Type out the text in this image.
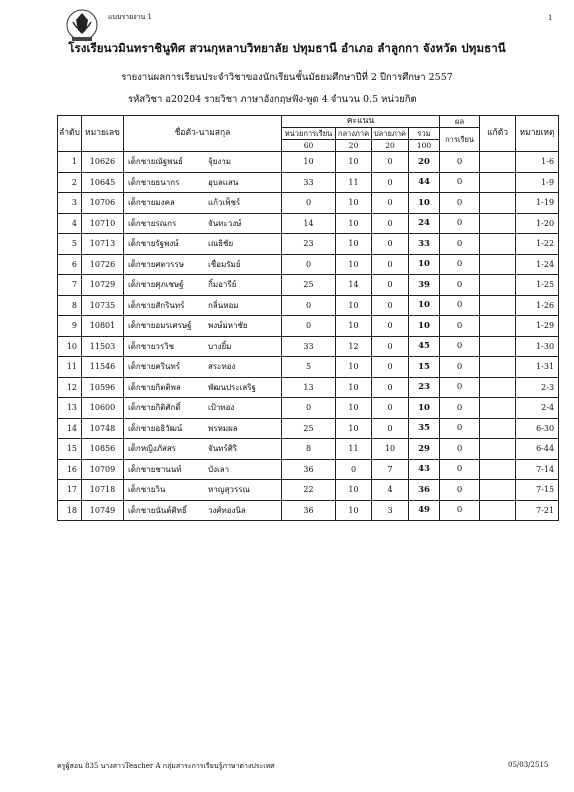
แบบรายงาน 1	1
โรงเรียนวมินทราชินูทิศ สวนกุหลาบวิทยาลัย ปทุมธานี อำเภอ ลำลูกกา จังหวัด ปทุมธานี
รายงานผลการเรียนประจำวิชาของนักเรียนชั้นมัธยมศึกษาปีที่ 2 ปีการศึกษา 2557
รหัสวิชา อ20204 รายวิชา ภาษาอังกฤษฟัง-พูด 4 จำนวน 0.5 หน่วยกิต
ลำดับ	หมายเลข	ชื่อตัว-นามสกุล	คะแนน				ผล	แก้ตัว	หมายเหตุ
			หน่วยการเรียน	กลางภาค	ปลายภาค	รวม	การเรียน		
			60	20	20	100			
1	10626	เด็กชายณัฐพนธ์ จุ้ยงาม	10	10	0	20	0		1-6
2	10645	เด็กชายธนากร อุบลแสน	33	11	0	44	0		1-9
3	10706	เด็กชายมงคล แก้วเพ็ชร์	0	10	0	10	0		1-19
4	10710	เด็กชายรณกร จันทะวงษ์	14	10	0	24	0		1-20
5	10713	เด็กชายรัฐพงษ์ เณธิชัย	23	10	0	33	0		1-22
6	10726	เด็กชายศตวรรษ เชื่อมรัมย์	0	10	0	10	0		1-24
7	10729	เด็กชายศุภเชษฐ์ กิ้มอารีย์	25	14	0	39	0		1-25
8	10735	เด็กชายสักรินทร์ กลิ่นหอม	0	10	0	10	0		1-26
9	10801	เด็กชายอมรเศรษฐ์ พงษ์มหาชัย	0	10	0	10	0		1-29
10	11503	เด็กชายวรวิช บางยิ้ม	33	12	0	45	0		1-30
11	11546	เด็กชายครินทร์ สระทอง	5	10	0	15	0		1-31
12	10596	เด็กชายกิตติพล พัฒนประเสริฐ	13	10	0	23	0		2-3
13	10600	เด็กชายกิติศักดิ์ เป้าทอง	0	10	0	10	0		2-4
14	10748	เด็กชายอธิวัฒน์ พรหมผล	25	10	0	35	0		6-30
15	10856	เด็กหญิงภัสสร จันทร์ศิริ	8	11	10	29	0		6-44
16	10709	เด็กชายชานนท์ บังเลา	36	0	7	43	0		7-14
17	10718	เด็กชายวิน หาญสุวรรณ	22	10	4	36	0		7-15
18	10749	เด็กชายนันต์ศิทธิ์ วงศ์ทองนิล	36	10	3	49	0		7-21
ครูผู้สอน 835 นางสาวTeacher A กลุ่มสาระการเรียนรู้ภาษาต่างประเทศ	05/03/2515
